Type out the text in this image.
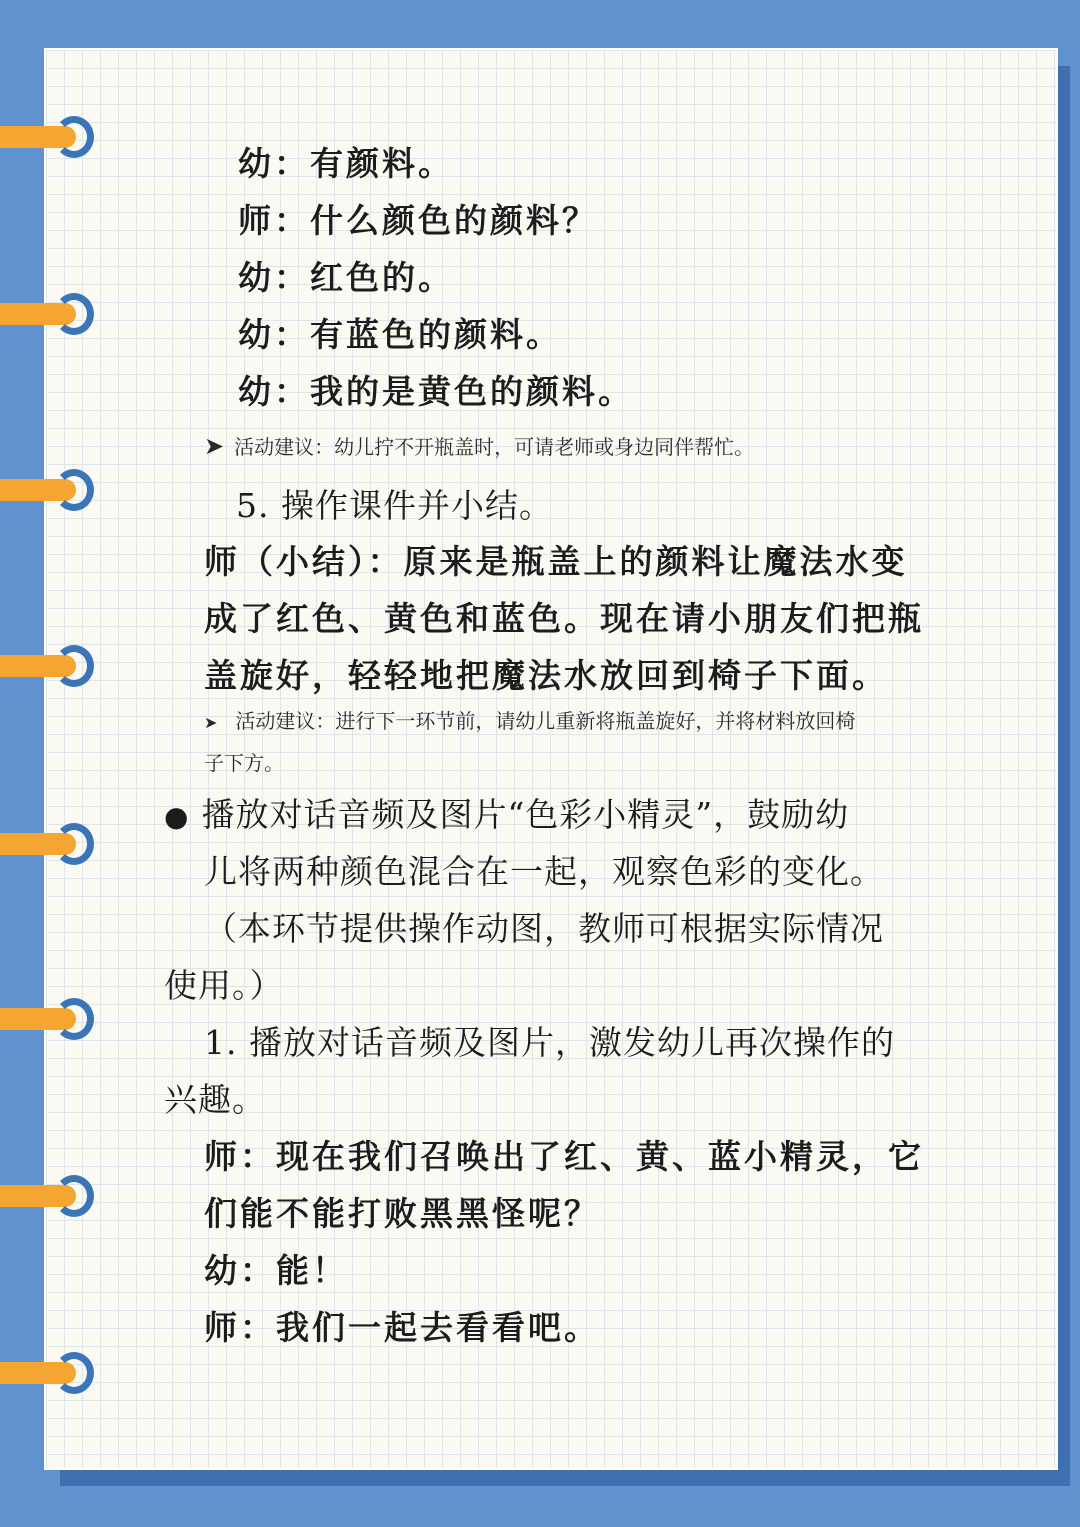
幼：有颜料。
师：什么颜色的颜料？
幼：红色的。
幼：有蓝色的颜料。
幼：我的是黄色的颜料。
➤ 活动建议：幼儿拧不开瓶盖时，可请老师或身边同伴帮忙。
5. 操作课件并小结。
师（小结）：原来是瓶盖上的颜料让魔法水变
成了红色、黄色和蓝色。现在请小朋友们把瓶
盖旋好，轻轻地把魔法水放回到椅子下面。
➤ 活动建议：进行下一环节前，请幼儿重新将瓶盖旋好，并将材料放回椅
子下方。
● 播放对话音频及图片“色彩小精灵”，鼓励幼
儿将两种颜色混合在一起，观察色彩的变化。
（本环节提供操作动图，教师可根据实际情况
使用。）
1. 播放对话音频及图片，激发幼儿再次操作的
兴趣。
师：现在我们召唤出了红、黄、蓝小精灵，它
们能不能打败黑黑怪呢？
幼：能！
师：我们一起去看看吧。
